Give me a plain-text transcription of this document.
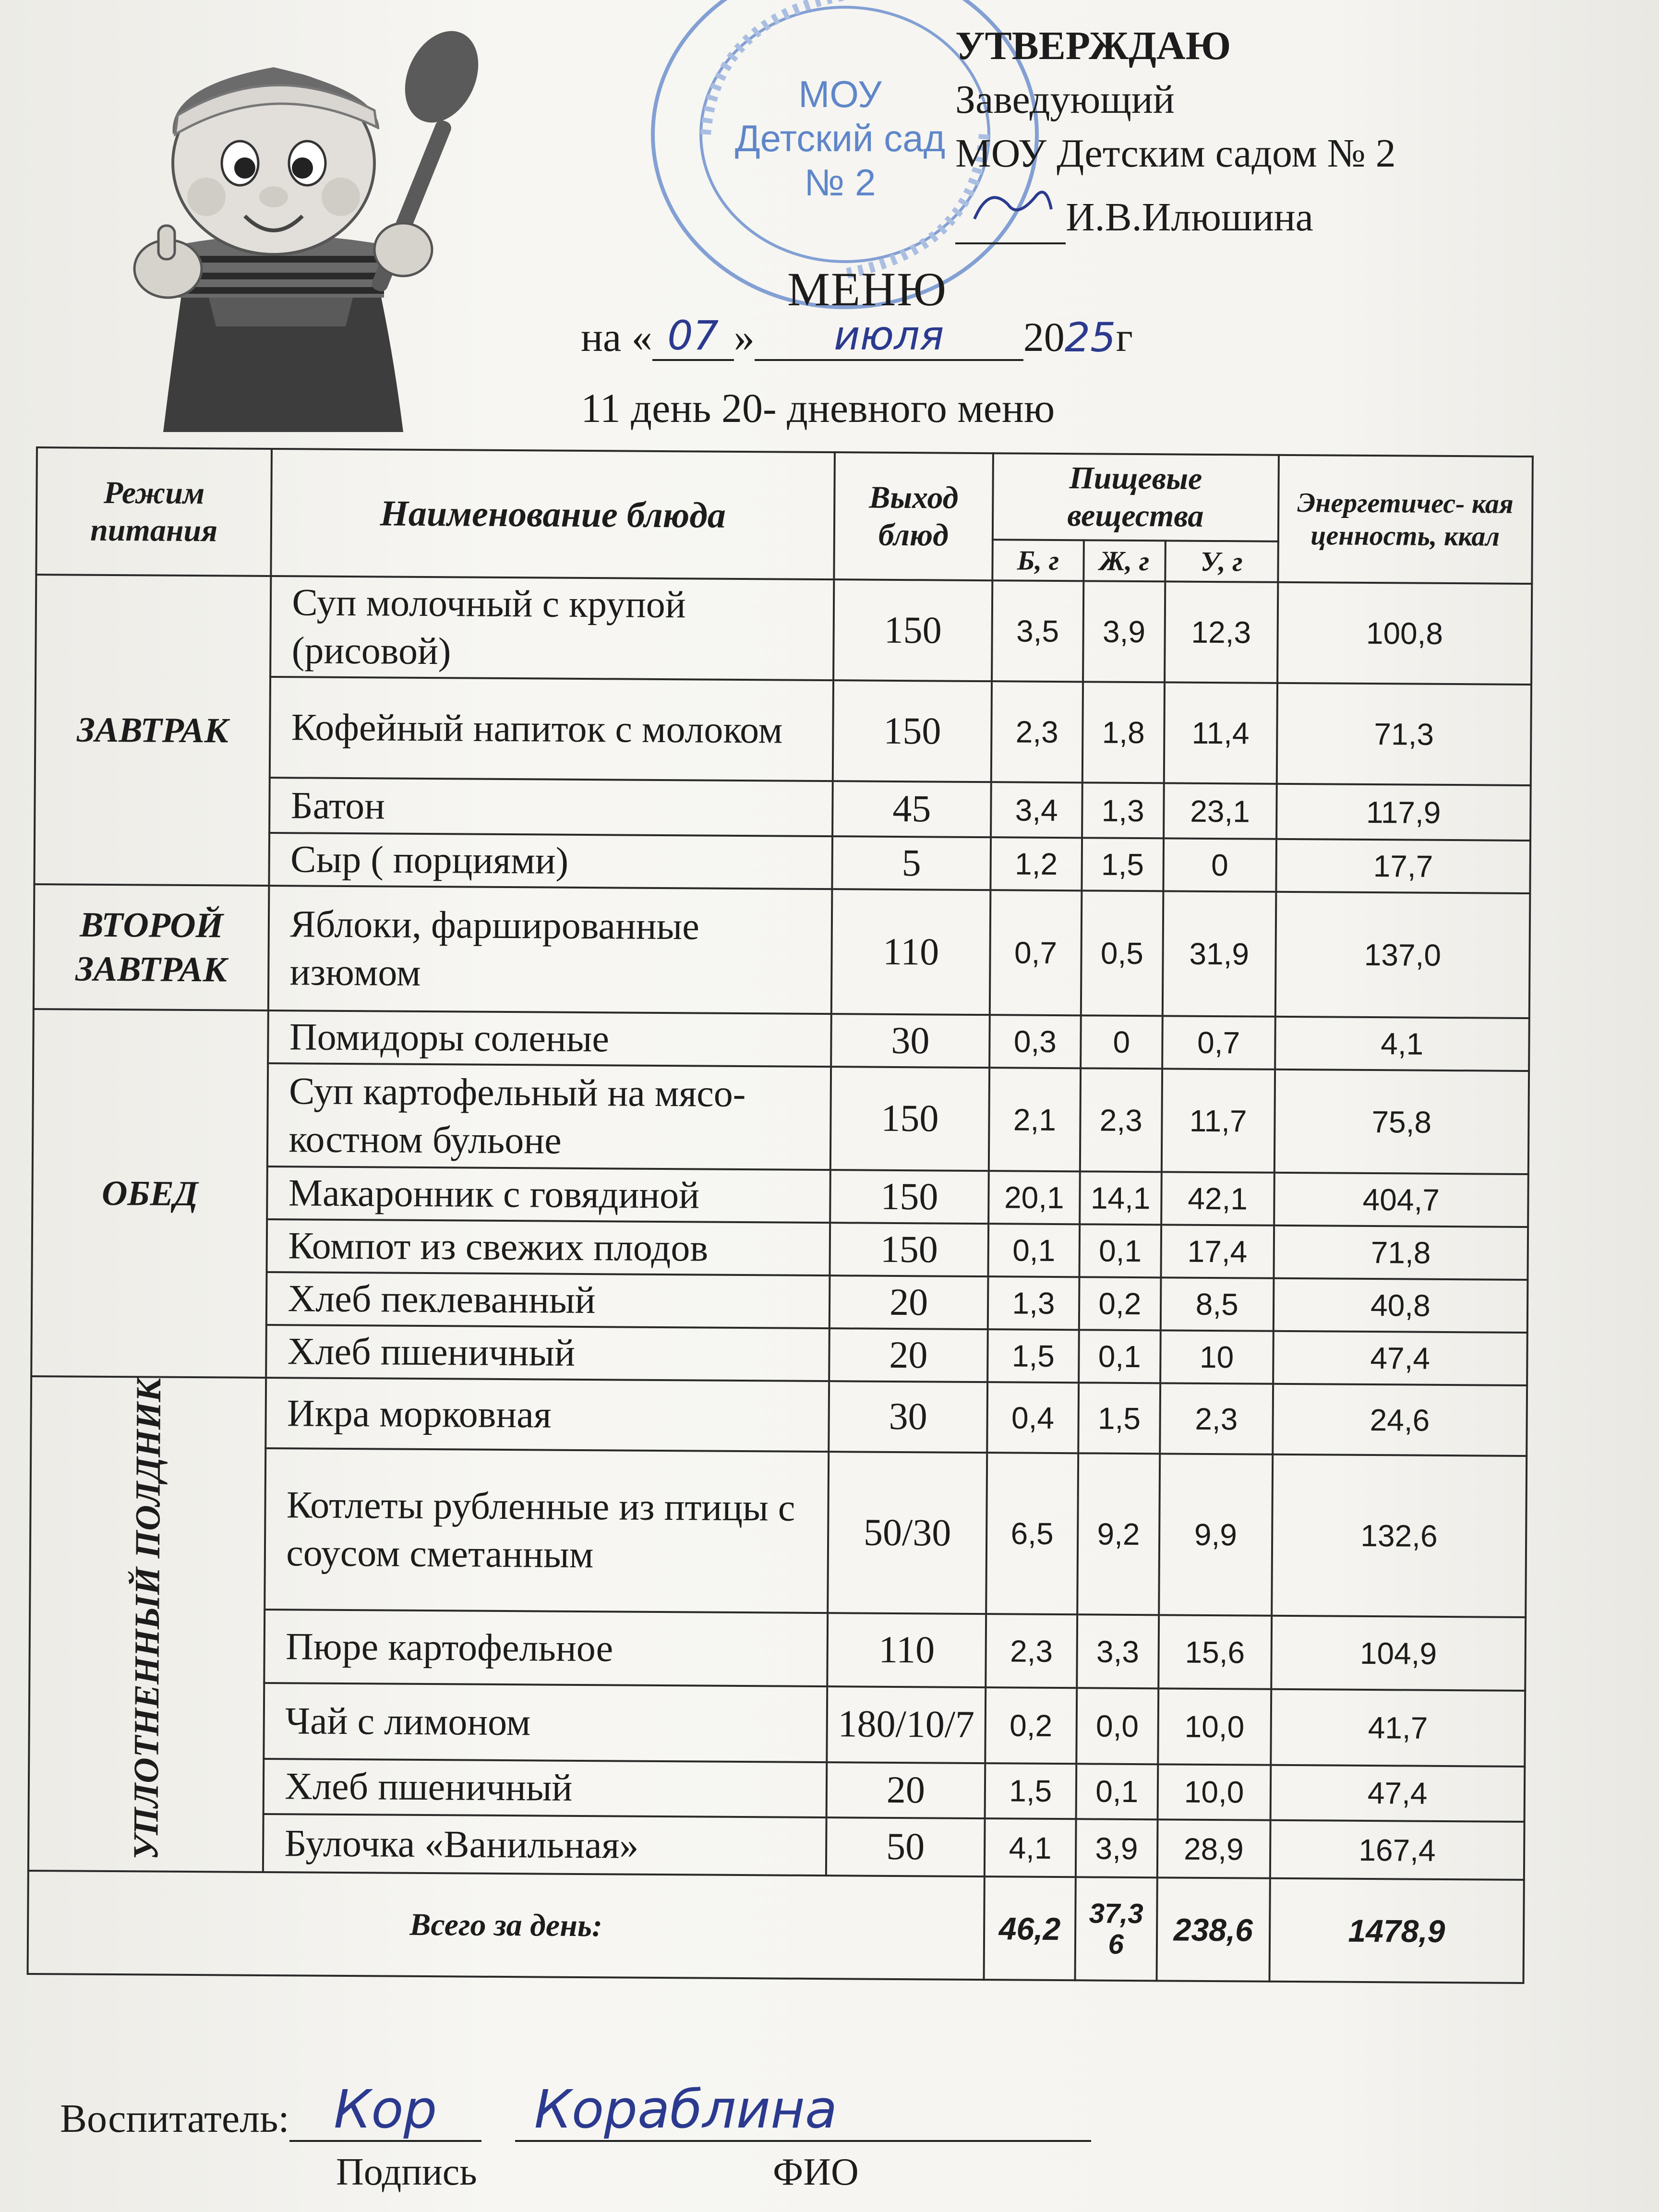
МОУ
Детский сад
№ 2
УТВЕРЖДАЮ
Заведующий
МОУ Детским садом № 2
И.В.Илюшина
МЕНЮ
на « 07 »	июля	20 25 г
11 день 20- дневного меню
Режим питания	Наименование блюда	Выход блюд	Пищевые вещества			Энергетичес- кая ценность, ккал
			Б, г	Ж, г	У, г	
ЗАВТРАК	Суп молочный с крупой (рисовой)	150	3,5	3,9	12,3	100,8
	Кофейный напиток с молоком	150	2,3	1,8	11,4	71,3
	Батон	45	3,4	1,3	23,1	117,9
	Сыр ( порциями)	5	1,2	1,5	0	17,7
ВТОРОЙ ЗАВТРАК	Яблоки, фаршированные изюмом	110	0,7	0,5	31,9	137,0
ОБЕД	Помидоры соленые	30	0,3	0	0,7	4,1
	Суп картофельный на мясо-костном бульоне	150	2,1	2,3	11,7	75,8
	Макаронник с говядиной	150	20,1	14,1	42,1	404,7
	Компот из свежих плодов	150	0,1	0,1	17,4	71,8
	Хлеб пеклеванный	20	1,3	0,2	8,5	40,8
	Хлеб пшеничный	20	1,5	0,1	10	47,4
УПЛОТНЕННЫЙ ПОЛДНИК	Икра морковная	30	0,4	1,5	2,3	24,6
	Котлеты рубленные из птицы с соусом сметанным	50/30	6,5	9,2	9,9	132,6
	Пюре картофельное	110	2,3	3,3	15,6	104,9
	Чай с лимоном	180/10/7	0,2	0,0	10,0	41,7
	Хлеб пшеничный	20	1,5	0,1	10,0	47,4
	Булочка «Ванильная»	50	4,1	3,9	28,9	167,4
Всего за день:			46,2	37,36	238,6	1478,9
Воспитатель: Кор	Кораблина
Подпись	ФИО
